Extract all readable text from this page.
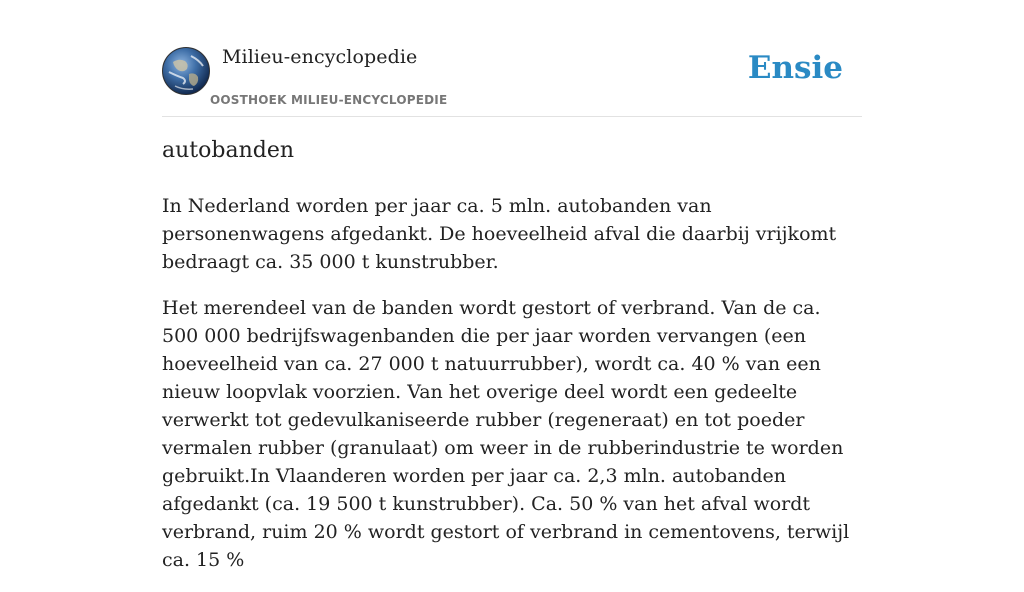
Milieu-encyclopedie
OOSTHOEK MILIEU-ENCYCLOPEDIE
Ensie
autobanden

In Nederland worden per jaar ca. 5 mln. autobanden van personenwagens afgedankt. De hoeveelheid afval die daarbij vrijkomt bedraagt ca. 35 000 t kunstrubber.

Het merendeel van de banden wordt gestort of verbrand. Van de ca. 500 000 bedrijfswagenbanden die per jaar worden vervangen (een hoeveelheid van ca. 27 000 t natuurrubber), wordt ca. 40 % van een nieuw loopvlak voorzien. Van het overige deel wordt een gedeelte verwerkt tot gedevulkaniseerde rubber (regeneraat) en tot poeder vermalen rubber (granulaat) om weer in de rubberindustrie te worden gebruikt.In Vlaanderen worden per jaar ca. 2,3 mln. autobanden afgedankt (ca. 19 500 t kunstrubber). Ca. 50 % van het afval wordt verbrand, ruim 20 % wordt gestort of verbrand in cementovens, terwijl ca. 15 %
